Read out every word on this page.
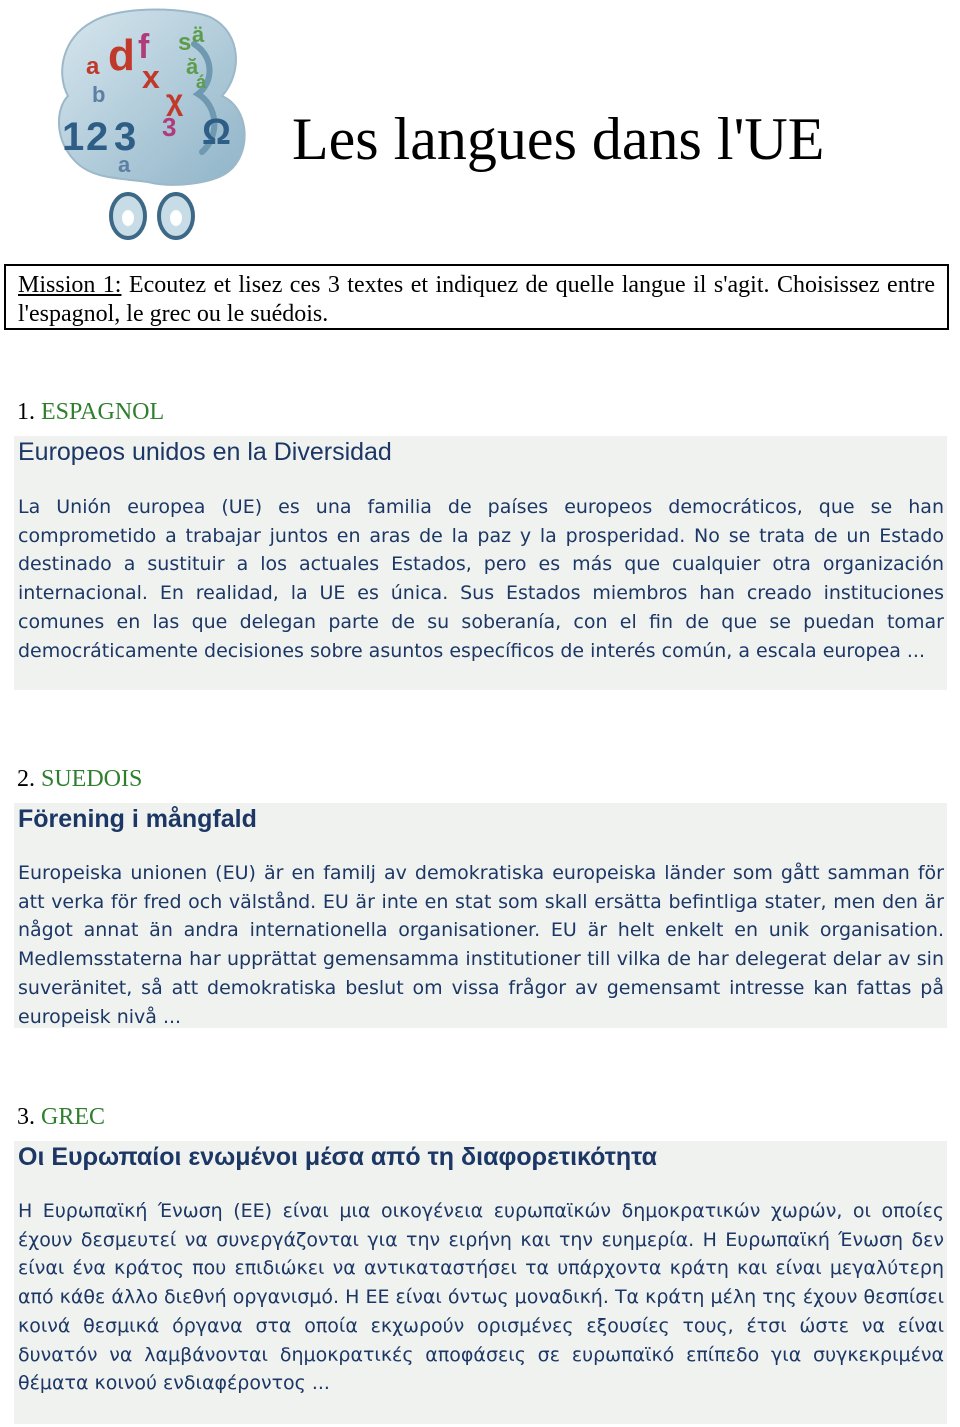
a
b
d f
x
s ä
ă
á
χ
3
1 2 3
a
Ω Les langues dans l'UE
Mission 1: Ecoutez et lisez ces 3 textes et indiquez de quelle langue il s'agit. Choisissez entre l'espagnol, le grec ou le suédois.
1. ESPAGNOL
Europeos unidos en la Diversidad
La Unión europea (UE) es una familia de países europeos democráticos, que se han comprometido a trabajar juntos en aras de la paz y la prosperidad. No se trata de un Estado destinado a sustituir a los actuales Estados, pero es más que cualquier otra organización internacional. En realidad, la UE es única. Sus Estados miembros han creado instituciones comunes en las que delegan parte de su soberanía, con el fin de que se puedan tomar democráticamente decisiones sobre asuntos específicos de interés común, a escala europea ...
2. SUEDOIS
Förening i mångfald
Europeiska unionen (EU) är en familj av demokratiska europeiska länder som gått samman för att verka för fred och välstånd. EU är inte en stat som skall ersätta befintliga stater, men den är något annat än andra internationella organisationer. EU är helt enkelt en unik organisation. Medlemsstaterna har upprättat gemensamma institutioner till vilka de har delegerat delar av sin suveränitet, så att demokratiska beslut om vissa frågor av gemensamt intresse kan fattas på europeisk nivå ...
3. GREC
Οι Ευρωπαίοι ενωμένοι μέσα από τη διαφορετικότητα
Η Ευρωπαϊκή Ένωση (ΕΕ) είναι μια οικογένεια ευρωπαϊκών δημοκρατικών χωρών, οι οποίες έχουν δεσμευτεί να συνεργάζονται για την ειρήνη και την ευημερία. Η Ευρωπαϊκή Ένωση δεν είναι ένα κράτος που επιδιώκει να αντικαταστήσει τα υπάρχοντα κράτη και είναι μεγαλύτερη από κάθε άλλο διεθνή οργανισμό. Η ΕΕ είναι όντως μοναδική. Τα κράτη μέλη της έχουν θεσπίσει κοινά θεσμικά όργανα στα οποία εκχωρούν ορισμένες εξουσίες τους, έτσι ώστε να είναι δυνατόν να λαμβάνονται δημοκρατικές αποφάσεις σε ευρωπαϊκό επίπεδο για συγκεκριμένα θέματα κοινού ενδιαφέροντος ...
